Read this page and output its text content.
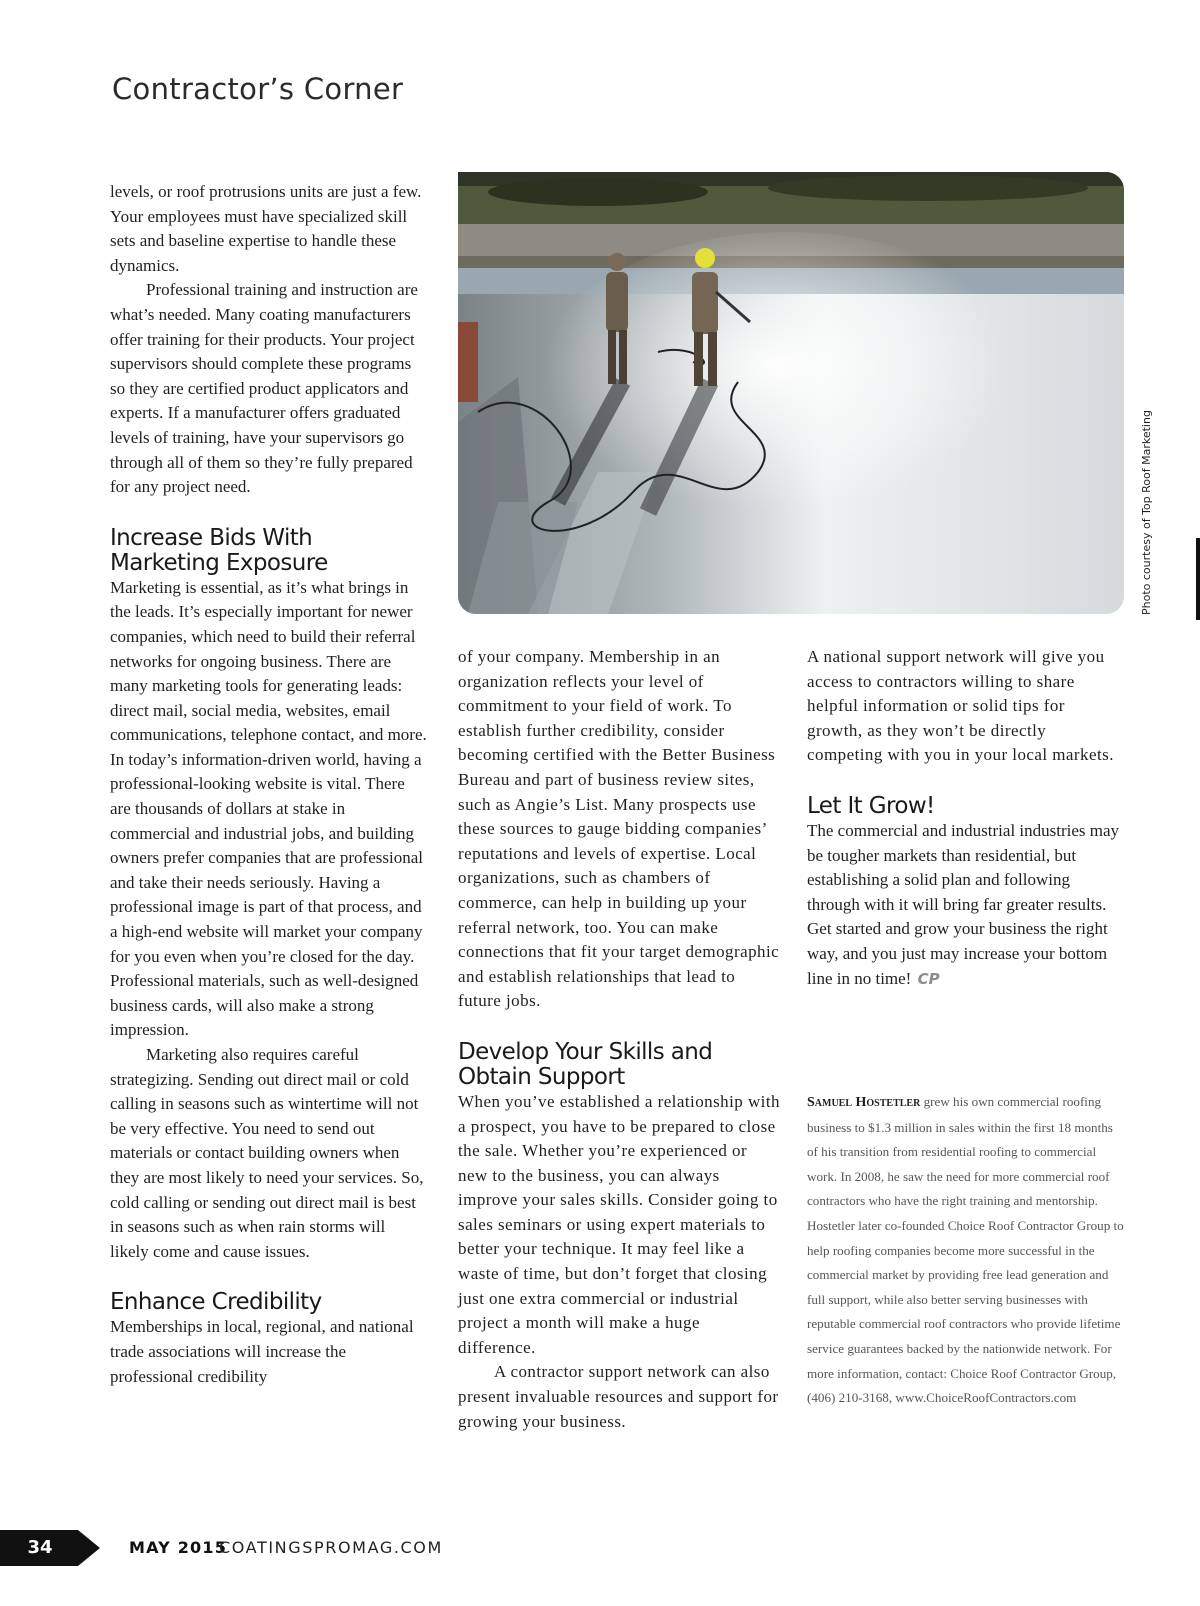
Contractor’s Corner

levels, or roof protrusions units are just a few. Your employees must have specialized skill sets and baseline expertise to handle these dynamics.

Professional training and instruction are what’s needed. Many coating manufacturers offer training for their products. Your project supervisors should complete these programs so they are certified product applicators and experts. If a manufacturer offers graduated levels of training, have your supervisors go through all of them so they’re fully prepared for any project need.

Increase Bids With Marketing Exposure

Marketing is essential, as it’s what brings in the leads. It’s especially important for newer companies, which need to build their referral networks for ongoing business. There are many marketing tools for generating leads: direct mail, social media, websites, email communications, telephone contact, and more. In today’s information-driven world, having a professional-looking website is vital. There are thousands of dollars at stake in commercial and industrial jobs, and building owners prefer companies that are professional and take their needs seriously. Having a professional image is part of that process, and a high-end website will market your company for you even when you’re closed for the day. Professional materials, such as well-designed business cards, will also make a strong impression.

Marketing also requires careful strategizing. Sending out direct mail or cold calling in seasons such as wintertime will not be very effective. You need to send out materials or contact building owners when they are most likely to need your services. So, cold calling or sending out direct mail is best in seasons such as when rain storms will likely come and cause issues.

Enhance Credibility

Memberships in local, regional, and national trade associations will increase the professional credibility

Photo courtesy of Top Roof Marketing

of your company. Membership in an organization reflects your level of commitment to your field of work. To establish further credibility, consider becoming certified with the Better Business Bureau and part of business review sites, such as Angie’s List. Many prospects use these sources to gauge bidding companies’ reputations and levels of expertise. Local organizations, such as chambers of commerce, can help in building up your referral network, too. You can make connections that fit your target demographic and establish relationships that lead to future jobs.

Develop Your Skills and Obtain Support

When you’ve established a relationship with a prospect, you have to be prepared to close the sale. Whether you’re experienced or new to the business, you can always improve your sales skills. Consider going to sales seminars or using expert materials to better your technique. It may feel like a waste of time, but don’t forget that closing just one extra commercial or industrial project a month will make a huge difference.

A contractor support network can also present invaluable resources and support for growing your business.

A national support network will give you access to contractors willing to share helpful information or solid tips for growth, as they won’t be directly competing with you in your local markets.

Let It Grow!

The commercial and industrial industries may be tougher markets than residential, but establishing a solid plan and following through with it will bring far greater results. Get started and grow your business the right way, and you just may increase your bottom line in no time! CP

Samuel Hostetler grew his own commercial roofing business to $1.3 million in sales within the first 18 months of his transition from residential roofing to commercial work. In 2008, he saw the need for more commercial roof contractors who have the right training and mentorship. Hostetler later co-founded Choice Roof Contractor Group to help roofing companies become more successful in the commercial market by providing free lead generation and full support, while also better serving businesses with reputable commercial roof contractors who provide lifetime service guarantees backed by the nationwide network. For more information, contact: Choice Roof Contractor Group, (406) 210-3168, www.ChoiceRoofContractors.com
34	MAY 2015
COATINGSPROMAG.COM
